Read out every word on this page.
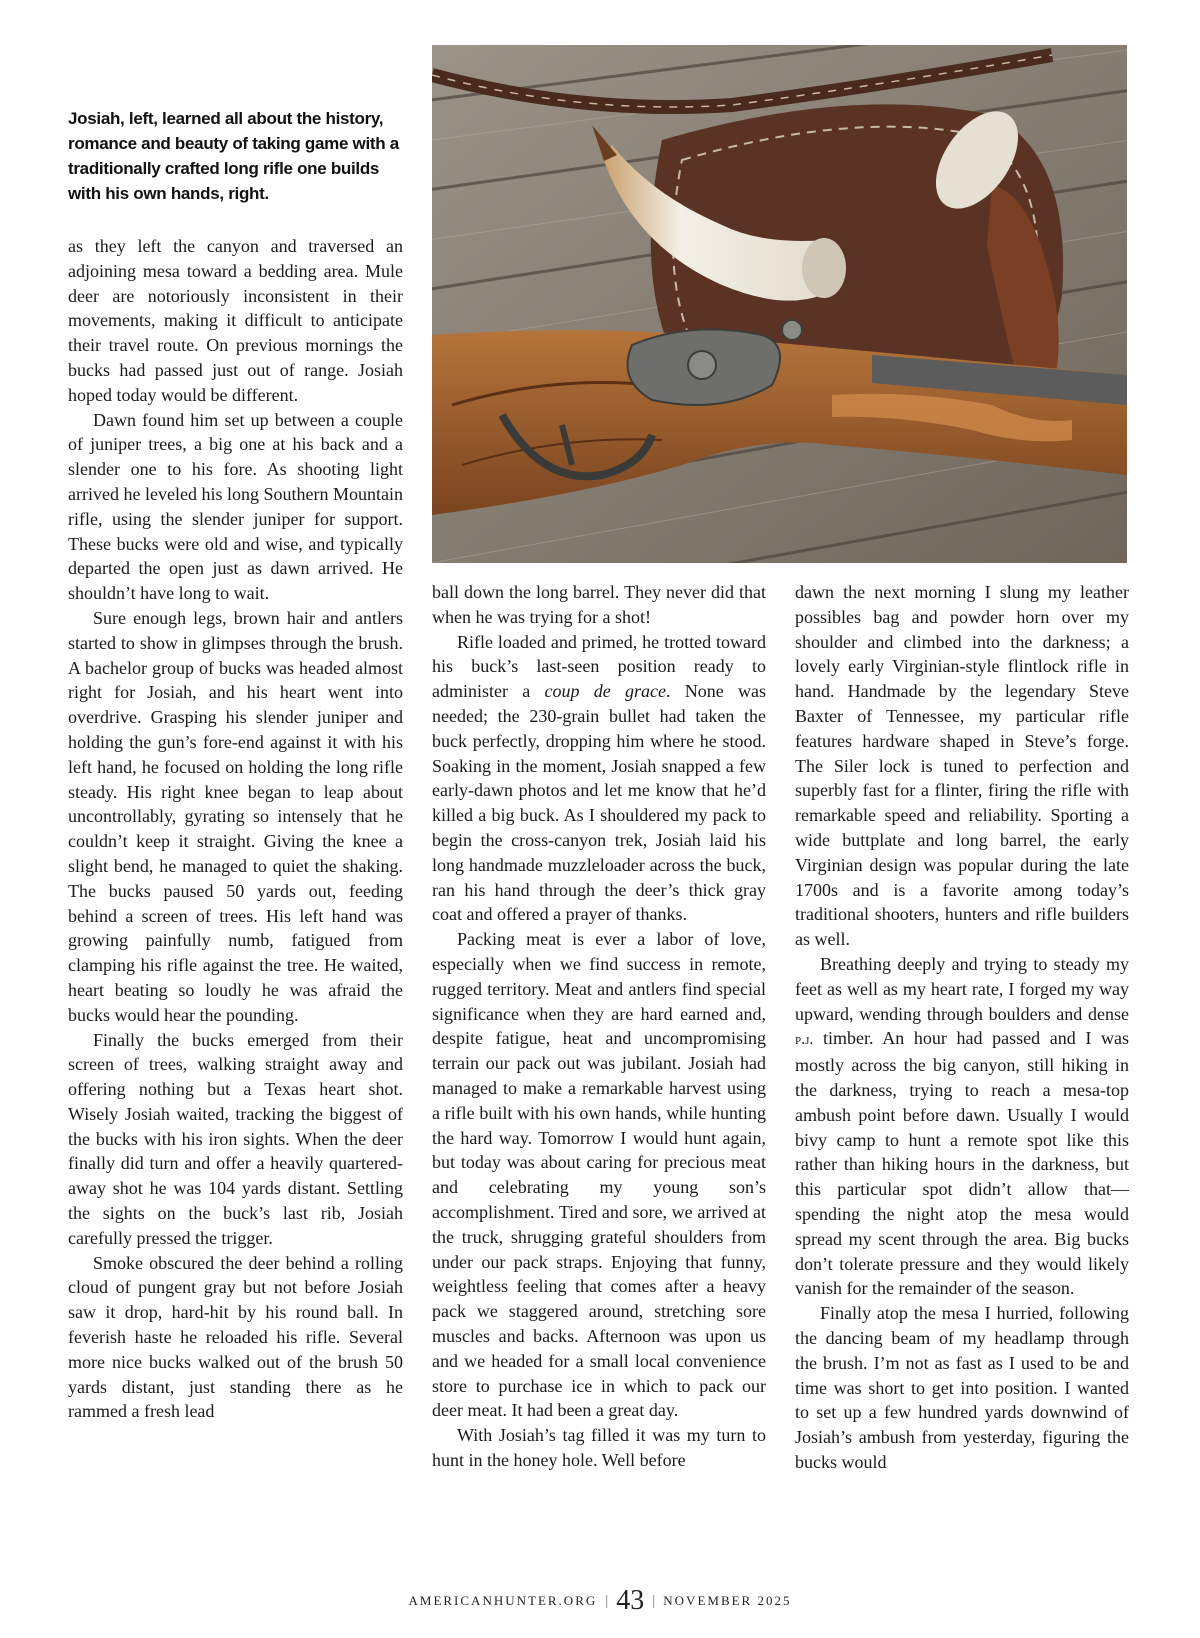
Josiah, left, learned all about the history, romance and beauty of taking game with a traditionally crafted long rifle one builds with his own hands, right.

as they left the canyon and traversed an adjoining mesa toward a bedding area. Mule deer are notoriously inconsistent in their movements, making it difficult to anticipate their travel route. On previous mornings the bucks had passed just out of range. Josiah hoped today would be different.

Dawn found him set up between a couple of juniper trees, a big one at his back and a slender one to his fore. As shooting light arrived he leveled his long Southern Mountain rifle, using the slender juniper for support. These bucks were old and wise, and typically departed the open just as dawn arrived. He shouldn’t have long to wait.

Sure enough legs, brown hair and antlers started to show in glimpses through the brush. A bachelor group of bucks was headed almost right for Josiah, and his heart went into overdrive. Grasping his slender juniper and holding the gun’s fore-end against it with his left hand, he focused on holding the long rifle steady. His right knee began to leap about uncontrollably, gyrating so intensely that he couldn’t keep it straight. Giving the knee a slight bend, he managed to quiet the shaking. The bucks paused 50 yards out, feeding behind a screen of trees. His left hand was growing painfully numb, fatigued from clamping his rifle against the tree. He waited, heart beating so loudly he was afraid the bucks would hear the pounding.

Finally the bucks emerged from their screen of trees, walking straight away and offering nothing but a Texas heart shot. Wisely Josiah waited, tracking the biggest of the bucks with his iron sights. When the deer finally did turn and offer a heavily quartered-away shot he was 104 yards distant. Settling the sights on the buck’s last rib, Josiah carefully pressed the trigger.

Smoke obscured the deer behind a rolling cloud of pungent gray but not before Josiah saw it drop, hard-hit by his round ball. In feverish haste he reloaded his rifle. Several more nice bucks walked out of the brush 50 yards distant, just standing there as he rammed a fresh lead

ball down the long barrel. They never did that when he was trying for a shot!

Rifle loaded and primed, he trotted toward his buck’s last-seen position ready to administer a coup de grace. None was needed; the 230-grain bullet had taken the buck perfectly, dropping him where he stood. Soaking in the moment, Josiah snapped a few early-dawn photos and let me know that he’d killed a big buck. As I shouldered my pack to begin the cross-canyon trek, Josiah laid his long handmade muzzleloader across the buck, ran his hand through the deer’s thick gray coat and offered a prayer of thanks.

Packing meat is ever a labor of love, especially when we find success in remote, rugged territory. Meat and antlers find special significance when they are hard earned and, despite fatigue, heat and uncompromising terrain our pack out was jubilant. Josiah had managed to make a remarkable harvest using a rifle built with his own hands, while hunting the hard way. Tomorrow I would hunt again, but today was about caring for precious meat and celebrating my young son’s accomplishment. Tired and sore, we arrived at the truck, shrugging grateful shoulders from under our pack straps. Enjoying that funny, weightless feeling that comes after a heavy pack we staggered around, stretching sore muscles and backs. Afternoon was upon us and we headed for a small local convenience store to purchase ice in which to pack our deer meat. It had been a great day.

With Josiah’s tag filled it was my turn to hunt in the honey hole. Well before

dawn the next morning I slung my leather possibles bag and powder horn over my shoulder and climbed into the darkness; a lovely early Virginian-style flintlock rifle in hand. Handmade by the legendary Steve Baxter of Tennessee, my particular rifle features hardware shaped in Steve’s forge. The Siler lock is tuned to perfection and superbly fast for a flinter, firing the rifle with remarkable speed and reliability. Sporting a wide buttplate and long barrel, the early Virginian design was popular during the late 1700s and is a favorite among today’s traditional shooters, hunters and rifle builders as well.

Breathing deeply and trying to steady my feet as well as my heart rate, I forged my way upward, wending through boulders and dense p.j. timber. An hour had passed and I was mostly across the big canyon, still hiking in the darkness, trying to reach a mesa-top ambush point before dawn. Usually I would bivy camp to hunt a remote spot like this rather than hiking hours in the darkness, but this particular spot didn’t allow that—spending the night atop the mesa would spread my scent through the area. Big bucks don’t tolerate pressure and they would likely vanish for the remainder of the season.

Finally atop the mesa I hurried, following the dancing beam of my headlamp through the brush. I’m not as fast as I used to be and time was short to get into position. I wanted to set up a few hundred yards downwind of Josiah’s ambush from yesterday, figuring the bucks would

AMERICANHUNTER.ORG | 43 | NOVEMBER 2025
